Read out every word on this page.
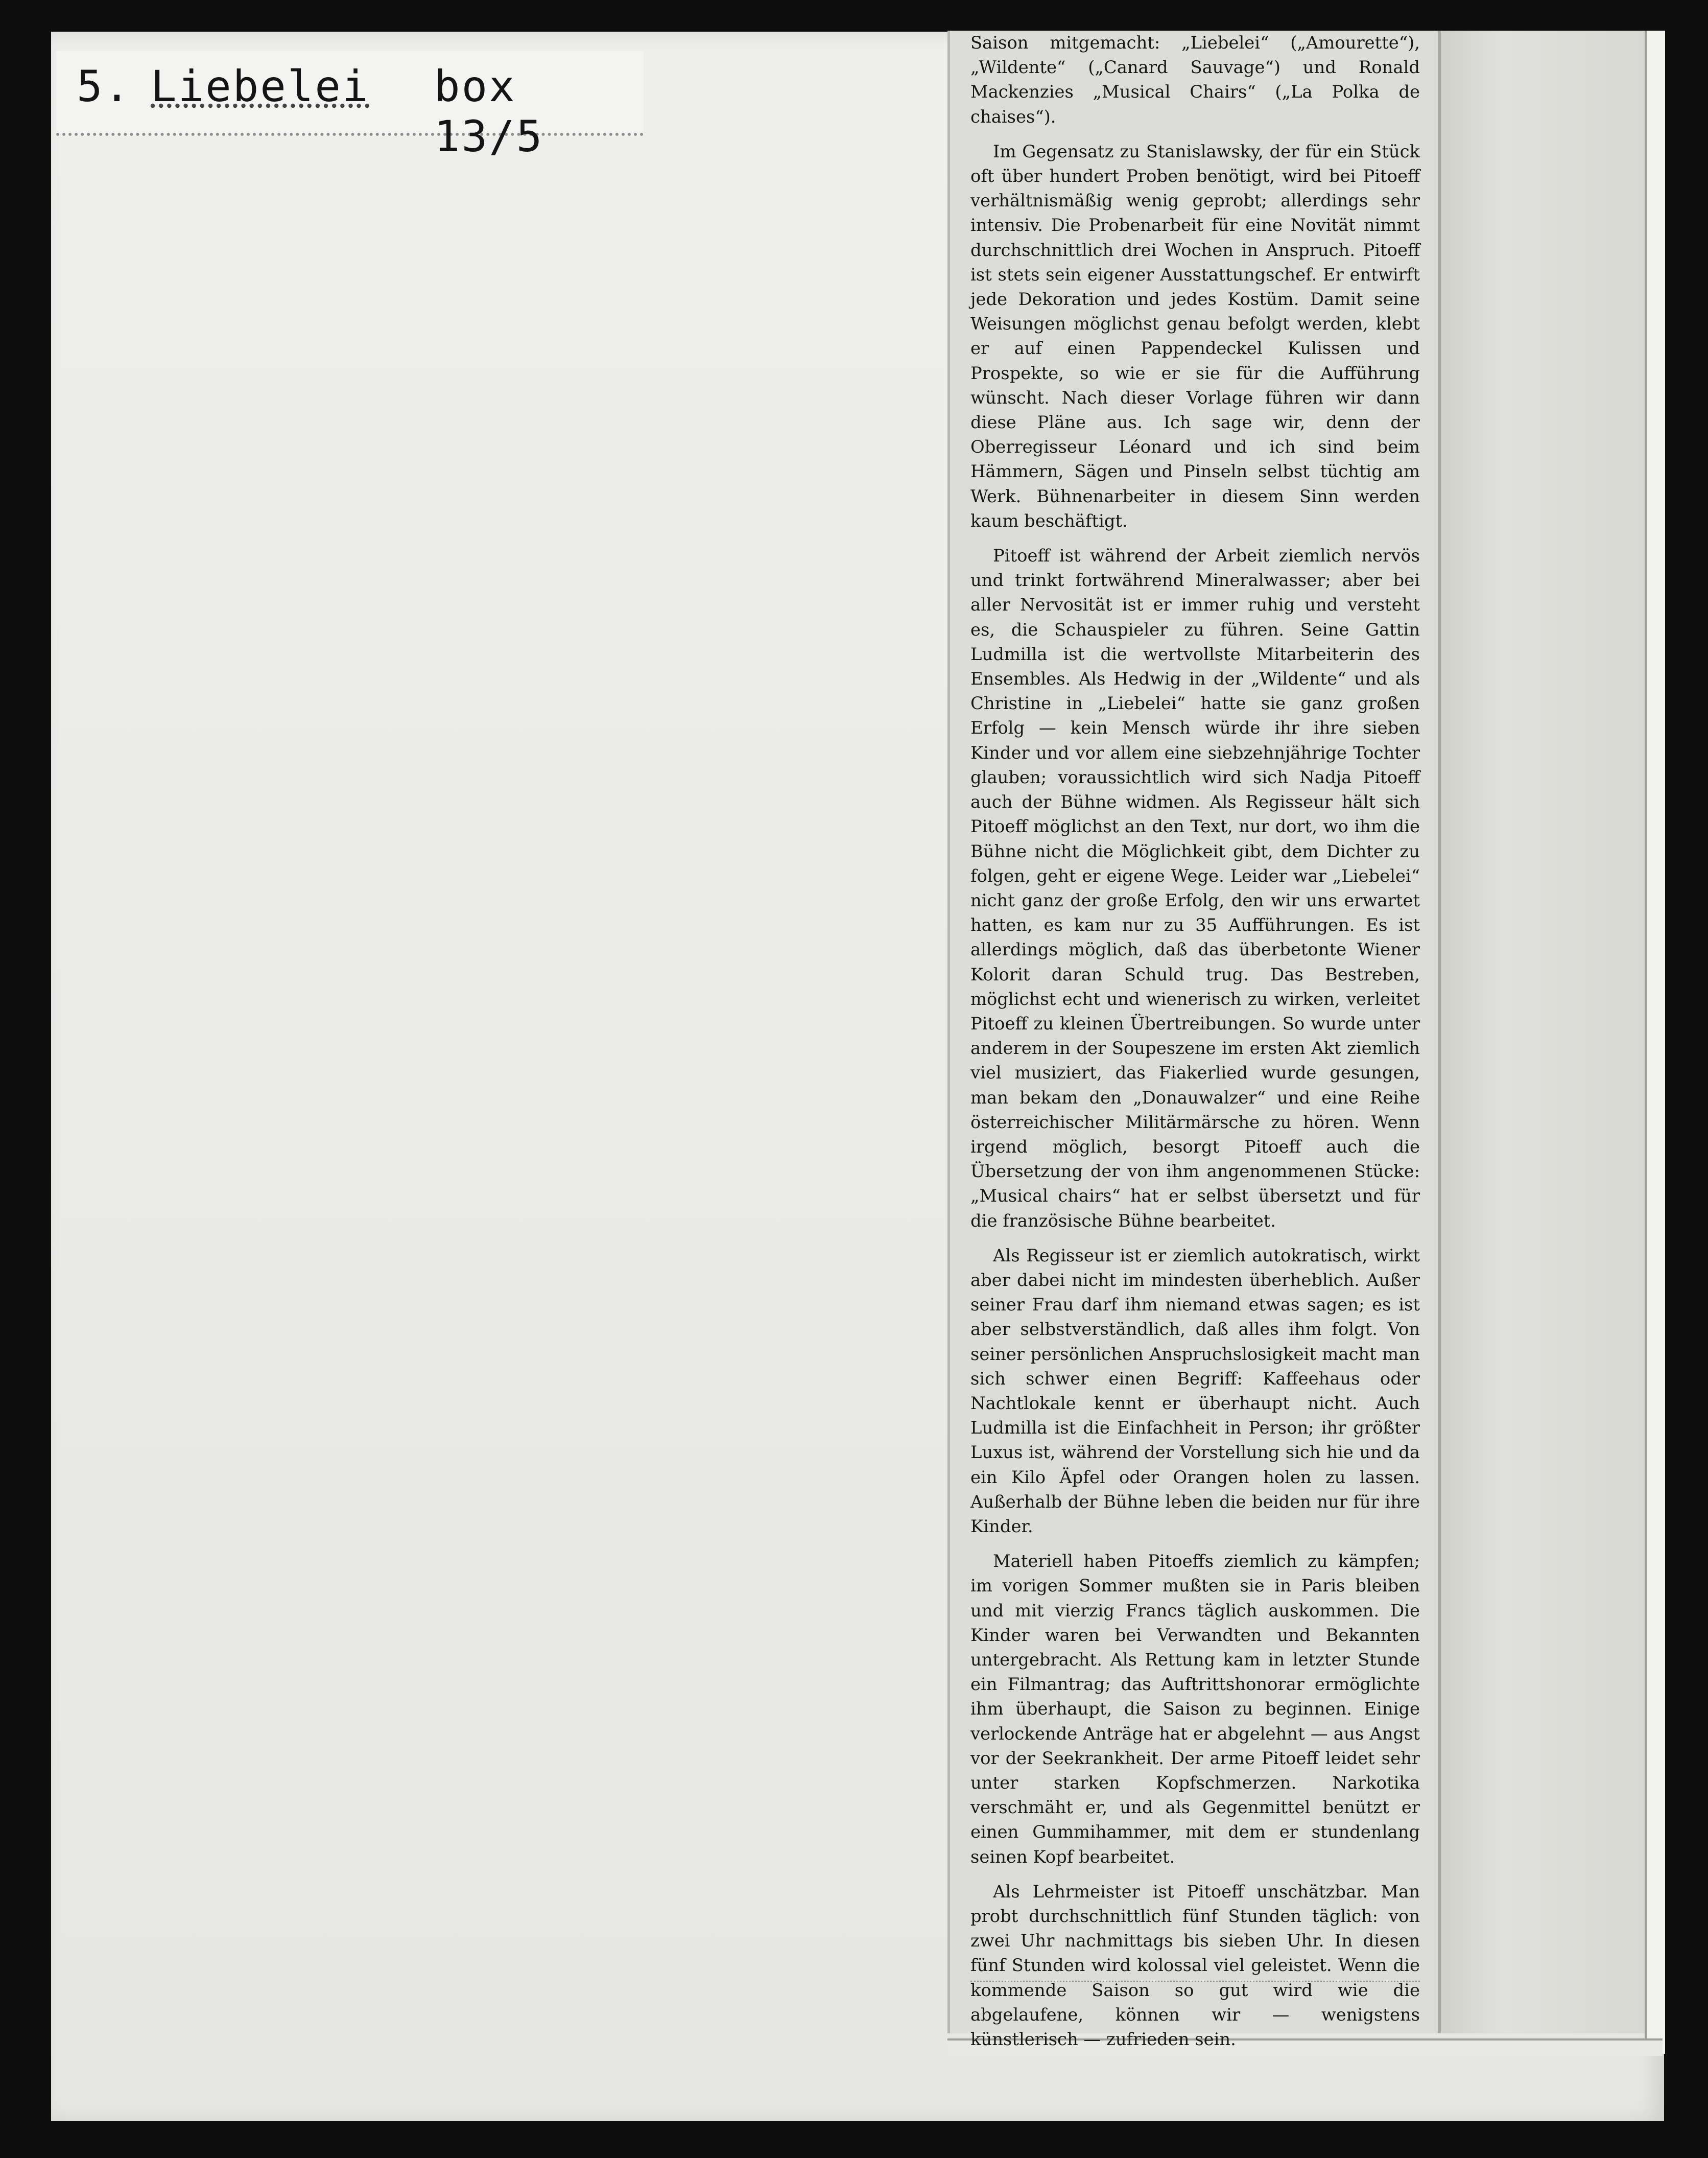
5. Liebelei box 13/5

Saison mitgemacht: „Liebelei“ („Amourette“), „Wildente“ („Canard Sauvage“) und Ronald Mackenzies „Musical Chairs“ („La Polka de chaises“).

Im Gegensatz zu Stanislawsky, der für ein Stück oft über hundert Proben benötigt, wird bei Pitoeff verhältnismäßig wenig geprobt; allerdings sehr intensiv. Die Probenarbeit für eine Novität nimmt durchschnittlich drei Wochen in Anspruch. Pitoeff ist stets sein eigener Ausstattungschef. Er entwirft jede Dekoration und jedes Kostüm. Damit seine Weisungen möglichst genau befolgt werden, klebt er auf einen Pappendeckel Kulissen und Prospekte, so wie er sie für die Aufführung wünscht. Nach dieser Vorlage führen wir dann diese Pläne aus. Ich sage wir, denn der Oberregisseur Léonard und ich sind beim Hämmern, Sägen und Pinseln selbst tüchtig am Werk. Bühnenarbeiter in diesem Sinn werden kaum beschäftigt.

Pitoeff ist während der Arbeit ziemlich nervös und trinkt fortwährend Mineralwasser; aber bei aller Nervosität ist er immer ruhig und versteht es, die Schauspieler zu führen. Seine Gattin Ludmilla ist die wertvollste Mitarbeiterin des Ensembles. Als Hedwig in der „Wildente“ und als Christine in „Liebelei“ hatte sie ganz großen Erfolg — kein Mensch würde ihr ihre sieben Kinder und vor allem eine siebzehnjährige Tochter glauben; voraussichtlich wird sich Nadja Pitoeff auch der Bühne widmen. Als Regisseur hält sich Pitoeff möglichst an den Text, nur dort, wo ihm die Bühne nicht die Möglichkeit gibt, dem Dichter zu folgen, geht er eigene Wege. Leider war „Liebelei“ nicht ganz der große Erfolg, den wir uns erwartet hatten, es kam nur zu 35 Aufführungen. Es ist allerdings möglich, daß das überbetonte Wiener Kolorit daran Schuld trug. Das Bestreben, möglichst echt und wienerisch zu wirken, verleitet Pitoeff zu kleinen Übertreibungen. So wurde unter anderem in der Soupeszene im ersten Akt ziemlich viel musiziert, das Fiakerlied wurde gesungen, man bekam den „Donauwalzer“ und eine Reihe österreichischer Militärmärsche zu hören. Wenn irgend möglich, besorgt Pitoeff auch die Übersetzung der von ihm angenommenen Stücke: „Musical chairs“ hat er selbst übersetzt und für die französische Bühne bearbeitet.

Als Regisseur ist er ziemlich autokratisch, wirkt aber dabei nicht im mindesten überheblich. Außer seiner Frau darf ihm niemand etwas sagen; es ist aber selbstverständlich, daß alles ihm folgt. Von seiner persönlichen Anspruchslosigkeit macht man sich schwer einen Begriff: Kaffeehaus oder Nachtlokale kennt er überhaupt nicht. Auch Ludmilla ist die Einfachheit in Person; ihr größter Luxus ist, während der Vorstellung sich hie und da ein Kilo Äpfel oder Orangen holen zu lassen. Außerhalb der Bühne leben die beiden nur für ihre Kinder.

Materiell haben Pitoeffs ziemlich zu kämpfen; im vorigen Sommer mußten sie in Paris bleiben und mit vierzig Francs täglich auskommen. Die Kinder waren bei Verwandten und Bekannten untergebracht. Als Rettung kam in letzter Stunde ein Filmantrag; das Auftrittshonorar ermöglichte ihm überhaupt, die Saison zu beginnen. Einige verlockende Anträge hat er abgelehnt — aus Angst vor der Seekrankheit. Der arme Pitoeff leidet sehr unter starken Kopfschmerzen. Narkotika verschmäht er, und als Gegenmittel benützt er einen Gummihammer, mit dem er stundenlang seinen Kopf bearbeitet.

Als Lehrmeister ist Pitoeff unschätzbar. Man probt durchschnittlich fünf Stunden täglich: von zwei Uhr nachmittags bis sieben Uhr. In diesen fünf Stunden wird kolossal viel geleistet. Wenn die kommende Saison so gut wird wie die abgelaufene, können wir — wenigstens künstlerisch — zufrieden sein.
